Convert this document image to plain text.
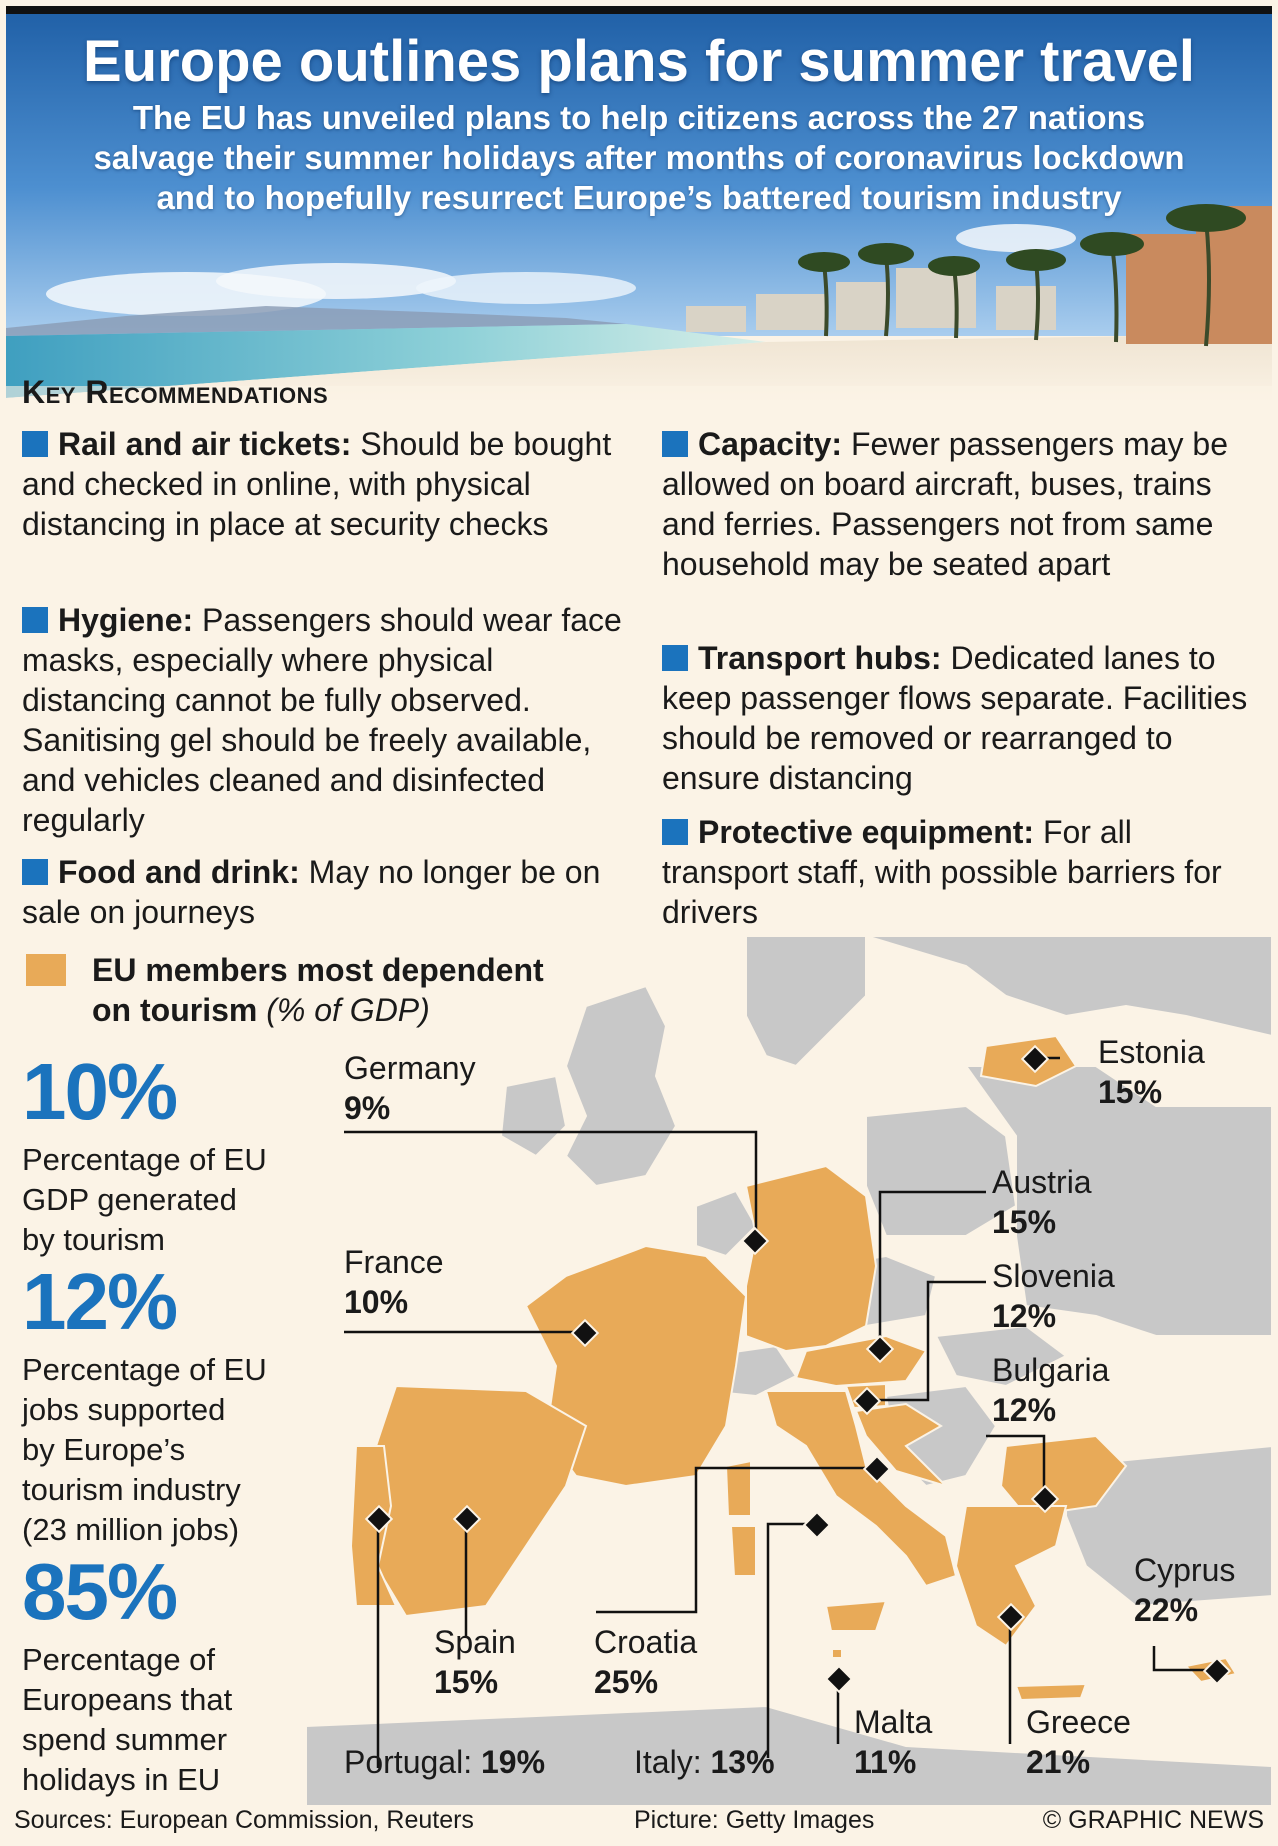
Europe outlines plans for summer travel
The EU has unveiled plans to help citizens across the 27 nations
salvage their summer holidays after months of coronavirus lockdown
and to hopefully resurrect Europe’s battered tourism industry
Key Recommendations
Rail and air tickets: Should be bought and checked in online, with physical distancing in place at security checks
Hygiene: Passengers should wear face masks, especially where physical distancing cannot be fully observed. Sanitising gel should be freely available, and vehicles cleaned and disinfected regularly
Food and drink: May no longer be on sale on journeys
Capacity: Fewer passengers may be allowed on board aircraft, buses, trains and ferries. Passengers not from same household may be seated apart
Transport hubs: Dedicated lanes to keep passenger flows separate. Facilities should be removed or rearranged to ensure distancing
Protective equipment: For all transport staff, with possible barriers for drivers
EU members most dependent
on tourism (% of GDP)
10%
Percentage of EU
GDP generated
by tourism
12%
Percentage of EU
jobs supported
by Europe’s
tourism industry
(23 million jobs)
85%
Percentage of
Europeans that
spend summer
holidays in EU
Germany
9%
France
10%
Estonia
15%
Austria
15%
Slovenia
12%
Bulgaria
12%
Cyprus
22%
Spain
15%
Croatia
25%
Malta
11%
Greece
21%
Portugal: 19%	Italy: 13%
Sources: European Commission, Reuters	Picture: Getty Images	© GRAPHIC NEWS
